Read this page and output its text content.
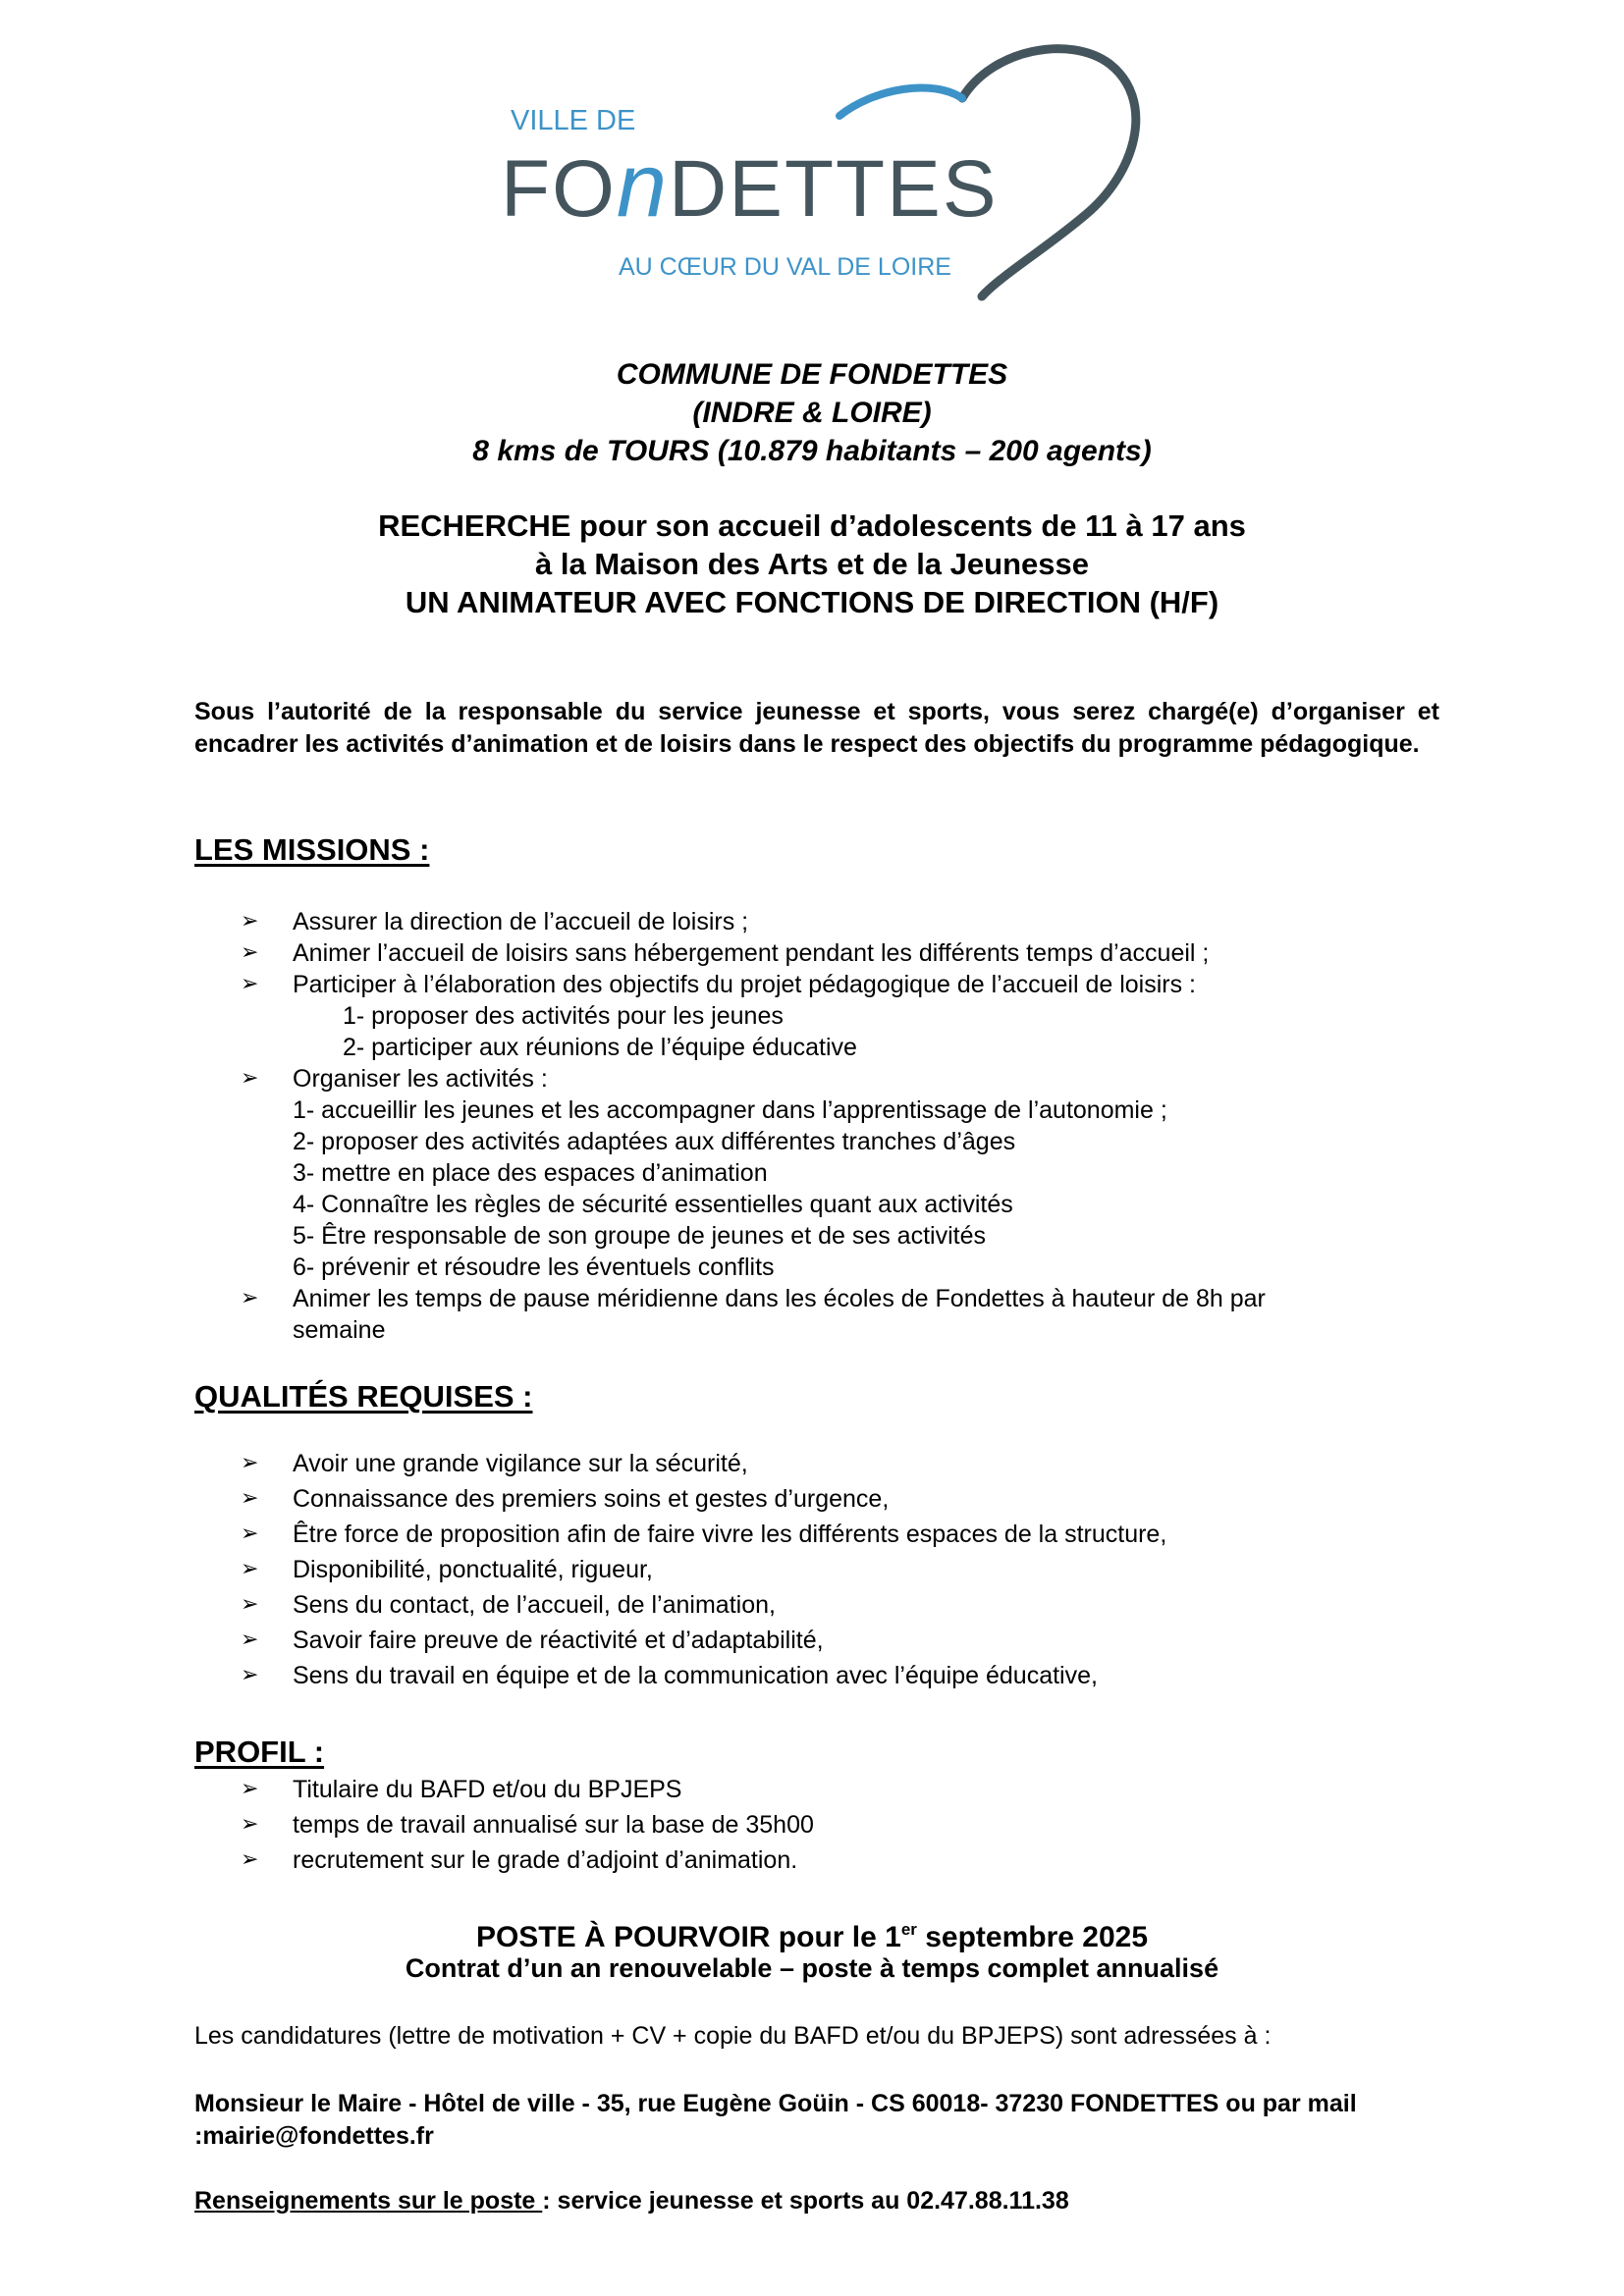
VILLE DE
FOnDETTES
AU CŒUR DU VAL DE LOIRE
COMMUNE DE FONDETTES
(INDRE & LOIRE)
8 kms de TOURS (10.879 habitants – 200 agents)
RECHERCHE pour son accueil d’adolescents de 11 à 17 ans
à la Maison des Arts et de la Jeunesse
UN ANIMATEUR AVEC FONCTIONS DE DIRECTION (H/F)
Sous l’autorité de la responsable du service jeunesse et sports, vous serez chargé(e) d’organiser et encadrer les activités d’animation et de loisirs dans le respect des objectifs du programme pédagogique.
LES MISSIONS :
➢ Assurer la direction de l’accueil de loisirs ;
➢ Animer l’accueil de loisirs sans hébergement pendant les différents temps d’accueil ;
➢ Participer à l’élaboration des objectifs du projet pédagogique de l’accueil de loisirs :
1- proposer des activités pour les jeunes
2- participer aux réunions de l’équipe éducative
➢ Organiser les activités :
1- accueillir les jeunes et les accompagner dans l’apprentissage de l’autonomie ;
2- proposer des activités adaptées aux différentes tranches d’âges
3- mettre en place des espaces d’animation
4- Connaître les règles de sécurité essentielles quant aux activités
5- Être responsable de son groupe de jeunes et de ses activités
6- prévenir et résoudre les éventuels conflits
➢ Animer les temps de pause méridienne dans les écoles de Fondettes à hauteur de 8h par
semaine
QUALITÉS REQUISES :
➢ Avoir une grande vigilance sur la sécurité,
➢ Connaissance des premiers soins et gestes d’urgence,
➢ Être force de proposition afin de faire vivre les différents espaces de la structure,
➢ Disponibilité, ponctualité, rigueur,
➢ Sens du contact, de l’accueil, de l’animation,
➢ Savoir faire preuve de réactivité et d’adaptabilité,
➢ Sens du travail en équipe et de la communication avec l’équipe éducative,
PROFIL :
➢ Titulaire du BAFD et/ou du BPJEPS
➢ temps de travail annualisé sur la base de 35h00
➢ recrutement sur le grade d’adjoint d’animation.
POSTE À POURVOIR pour le 1er septembre 2025
Contrat d’un an renouvelable – poste à temps complet annualisé
Les candidatures (lettre de motivation + CV + copie du BAFD et/ou du BPJEPS) sont adressées à :
Monsieur le Maire - Hôtel de ville - 35, rue Eugène Goüin - CS 60018- 37230 FONDETTES ou par mail :mairie@fondettes.fr
Renseignements sur le poste : service jeunesse et sports au 02.47.88.11.38
